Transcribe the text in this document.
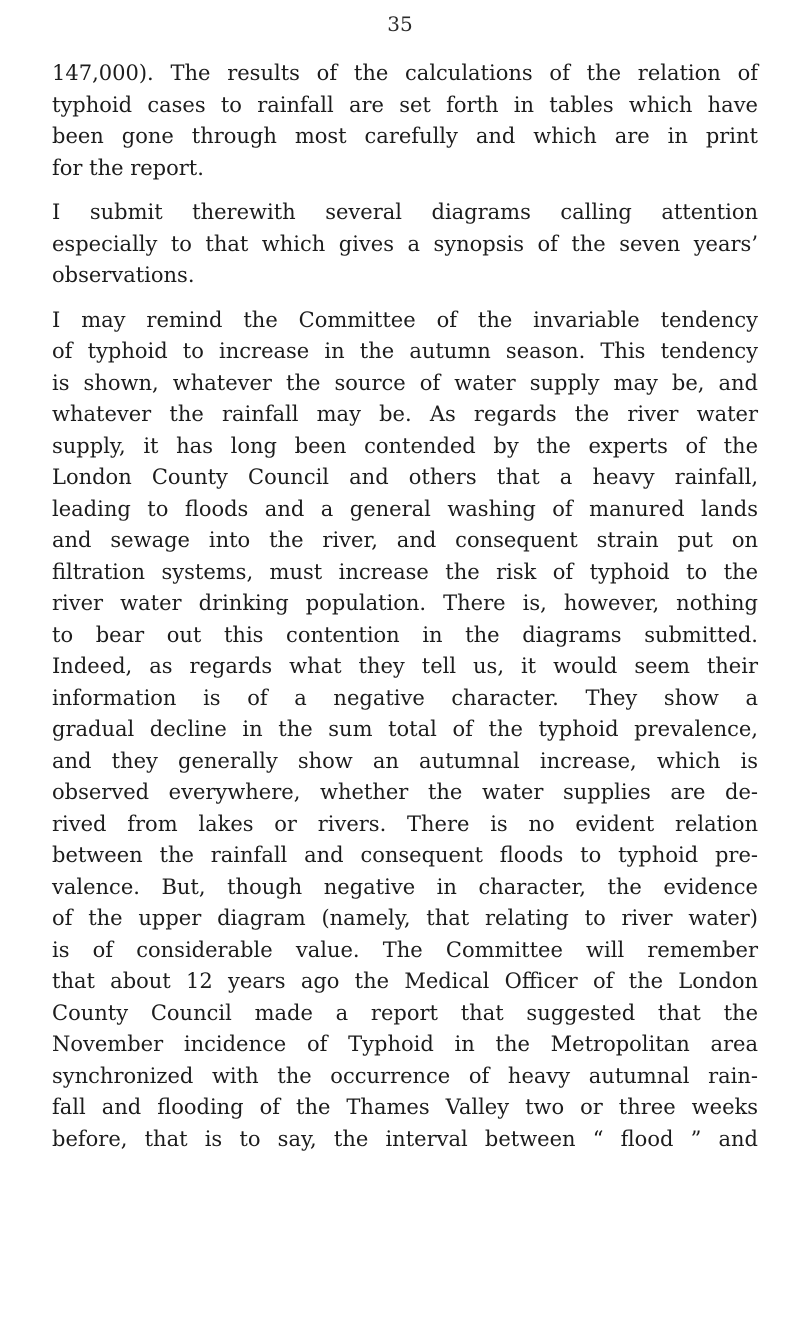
35
147,000). The results of the calculations of the relation of
typhoid cases to rainfall are set forth in tables which have
been gone through most carefully and which are in print
for the report.
I submit therewith several diagrams calling attention
especially to that which gives a synopsis of the seven years’
observations.
I may remind the Committee of the invariable tendency
of typhoid to increase in the autumn season. This tendency
is shown, whatever the source of water supply may be, and
whatever the rainfall may be. As regards the river water
supply, it has long been contended by the experts of the
London County Council and others that a heavy rainfall,
leading to floods and a general washing of manured lands
and sewage into the river, and consequent strain put on
filtration systems, must increase the risk of typhoid to the
river water drinking population. There is, however, nothing
to bear out this contention in the diagrams submitted.
Indeed, as regards what they tell us, it would seem their
information is of a negative character. They show a
gradual decline in the sum total of the typhoid prevalence,
and they generally show an autumnal increase, which is
observed everywhere, whether the water supplies are de-
rived from lakes or rivers. There is no evident relation
between the rainfall and consequent floods to typhoid pre-
valence. But, though negative in character, the evidence
of the upper diagram (namely, that relating to river water)
is of considerable value. The Committee will remember
that about 12 years ago the Medical Officer of the London
County Council made a report that suggested that the
November incidence of Typhoid in the Metropolitan area
synchronized with the occurrence of heavy autumnal rain-
fall and flooding of the Thames Valley two or three weeks
before, that is to say, the interval between “ flood ” and
